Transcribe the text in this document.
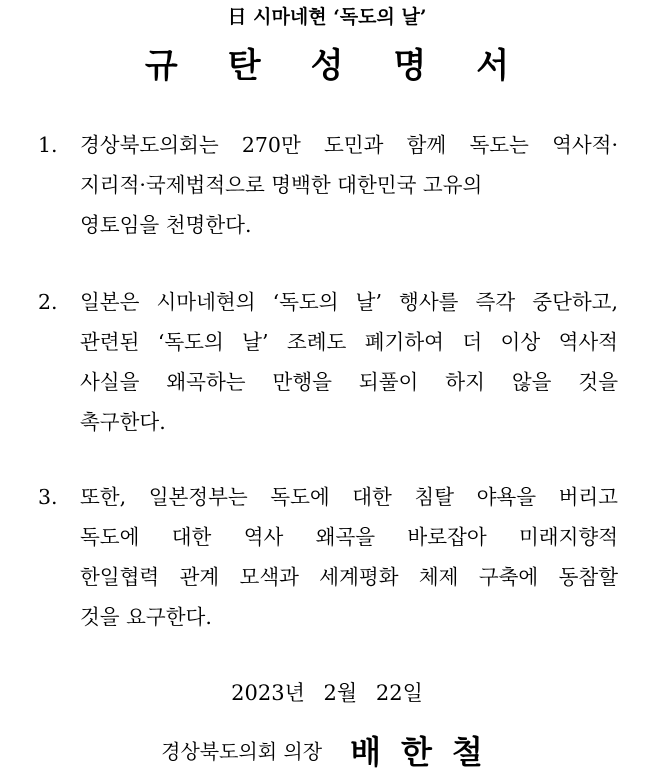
日 시마네현 ‘독도의 날’
규 탄 성 명 서
1.	경상북도의회는 270만 도민과 함께 독도는 역사적·
지리적·국제법적으로 명백한 대한민국 고유의
영토임을 천명한다.
2.	일본은 시마네현의 ‘독도의 날’ 행사를 즉각 중단하고,
관련된 ‘독도의 날’ 조례도 폐기하여 더 이상 역사적
사실을 왜곡하는 만행을 되풀이 하지 않을 것을
촉구한다.
3.	또한, 일본정부는 독도에 대한 침탈 야욕을 버리고
독도에 대한 역사 왜곡을 바로잡아 미래지향적
한일협력 관계 모색과 세계평화 체제 구축에 동참할
것을 요구한다.
2023년 2월 22일
경상북도의회 의장 배 한 철
